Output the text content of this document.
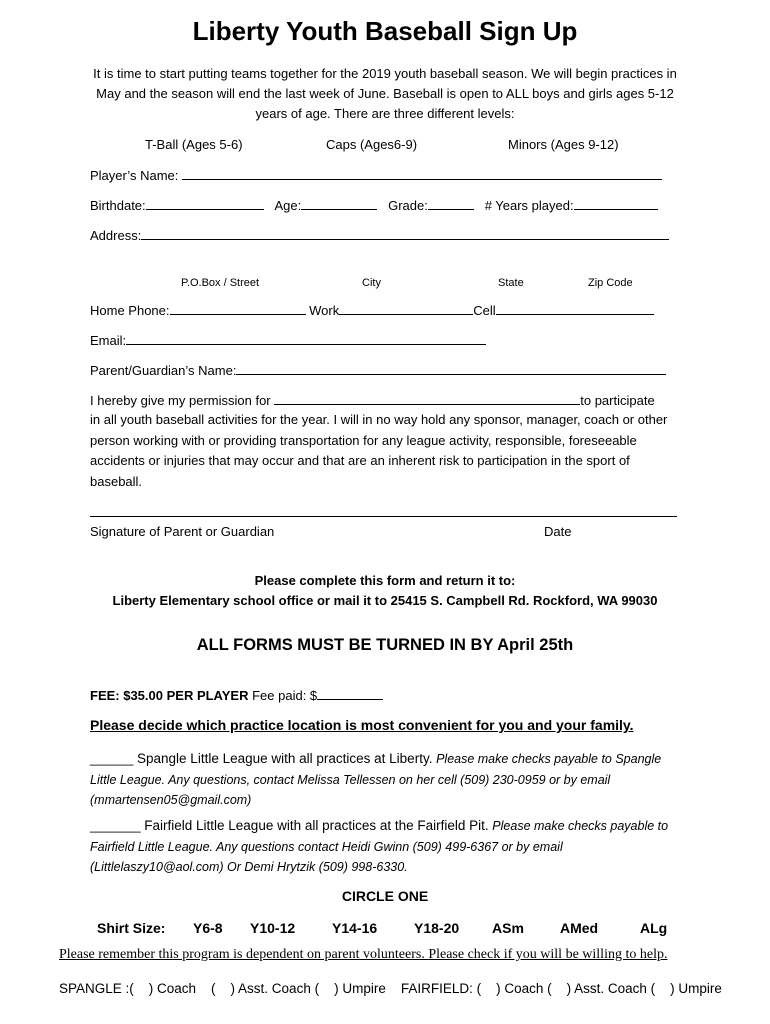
Liberty Youth Baseball Sign Up
It is time to start putting teams together for the 2019 youth baseball season. We will begin practices in May and the season will end the last week of June. Baseball is open to ALL boys and girls ages 5-12 years of age. There are three different levels:
T-Ball (Ages 5-6)	Caps (Ages6-9)	Minors (Ages 9-12)
Player’s Name:
Birthdate:	Age:	Grade:	# Years played:
Address:
P.O.Box / Street	City	State	Zip Code
Home Phone:	Work	Cell
Email:
Parent/Guardian’s Name:
I hereby give my permission for	to participate
in all youth baseball activities for the year. I will in no way hold any sponsor, manager, coach or other person working with or providing transportation for any league activity, responsible, foreseeable accidents or injuries that may occur and that are an inherent risk to participation in the sport of baseball.
Signature of Parent or Guardian	Date
Please complete this form and return it to:
Liberty Elementary school office or mail it to 25415 S. Campbell Rd. Rockford, WA 99030
ALL FORMS MUST BE TURNED IN BY April 25th
FEE: $35.00 PER PLAYER Fee paid: $
Please decide which practice location is most convenient for you and your family.
______ Spangle Little League with all practices at Liberty. Please make checks payable to Spangle Little League. Any questions, contact Melissa Tellessen on her cell (509) 230-0959 or by email (mmartensen05@gmail.com)
_______ Fairfield Little League with all practices at the Fairfield Pit. Please make checks payable to Fairfield Little League. Any questions contact Heidi Gwinn (509) 499-6367 or by email (Littlelaszy10@aol.com) Or Demi Hrytzik (509) 998-6330.
CIRCLE ONE
Shirt Size: Y6-8 Y10-12	Y14-16	Y18-20 ASm	AMed	ALg
Please remember this program is dependent on parent volunteers. Please check if you will be willing to help.
SPANGLE :(    ) Coach    (    ) Asst. Coach (    ) Umpire    FAIRFIELD: (    ) Coach (    ) Asst. Coach (    ) Umpire
